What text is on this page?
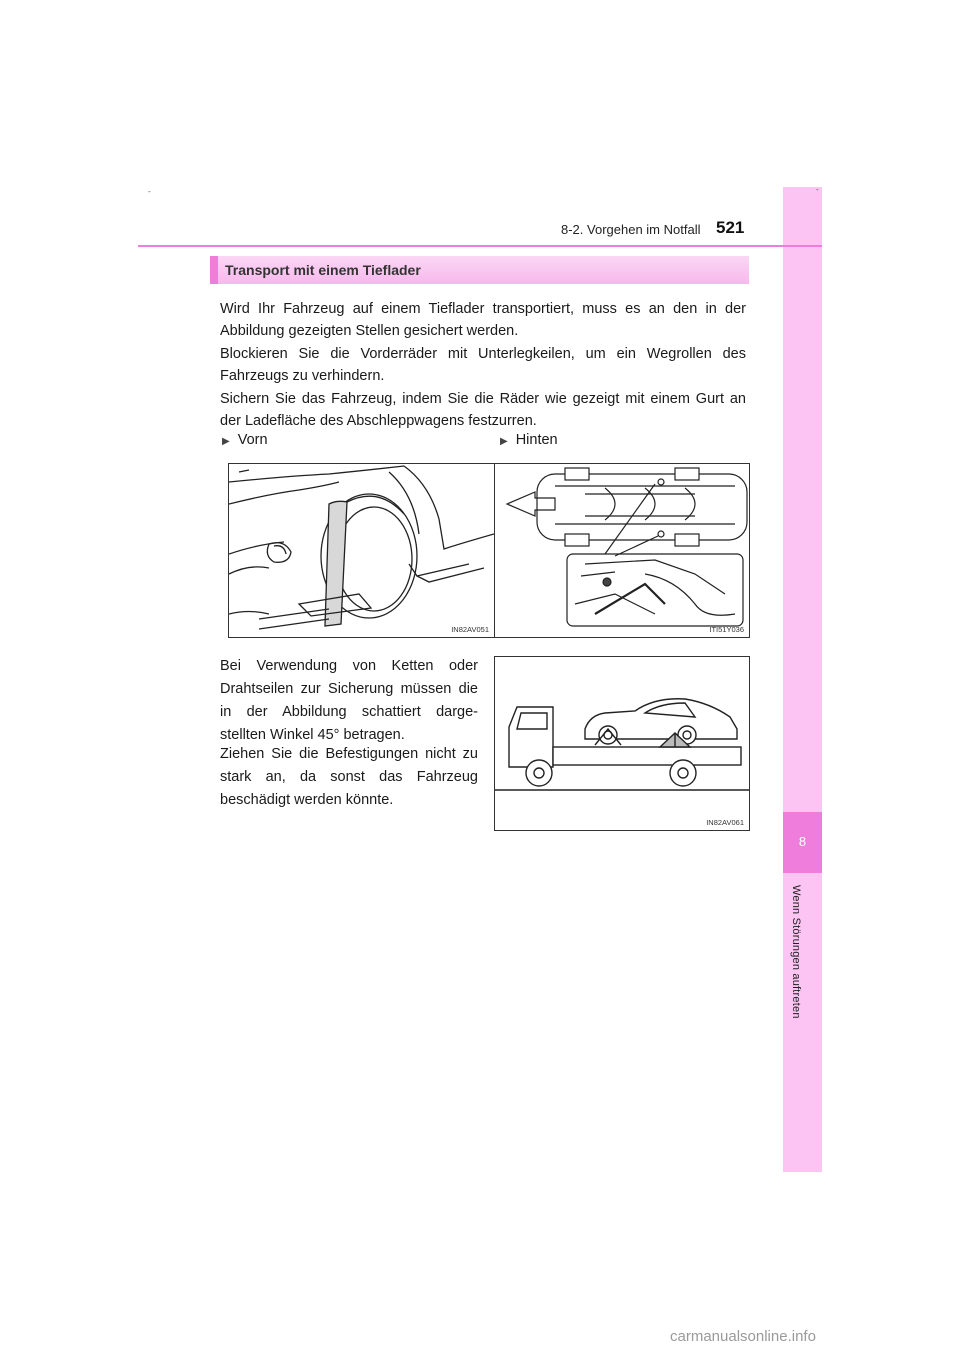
8
Wenn Störungen auftreten
-
-
8-2. Vorgehen im Notfall 521
Transport mit einem Tieflader

Wird Ihr Fahrzeug auf einem Tieflader transportiert, muss es an den in der Abbildung gezeigten Stellen gesichert werden.

Blockieren Sie die Vorderräder mit Unterlegkeilen, um ein Wegrollen des Fahrzeugs zu verhindern.

Sichern Sie das Fahrzeug, indem Sie die Räder wie gezeigt mit einem Gurt an der Ladefläche des Abschleppwagens festzurren.

▶ Vorn	▶ Hinten
IN82AV051	ITI51Y036
IN82AV061

Bei Verwendung von Ketten oder Drahtseilen zur Sicherung müssen die in der Abbildung schattiert darge-stellten Winkel 45° betragen.

Ziehen Sie die Befestigungen nicht zu stark an, da sonst das Fahrzeug beschädigt werden könnte.

carmanualsonline.info
